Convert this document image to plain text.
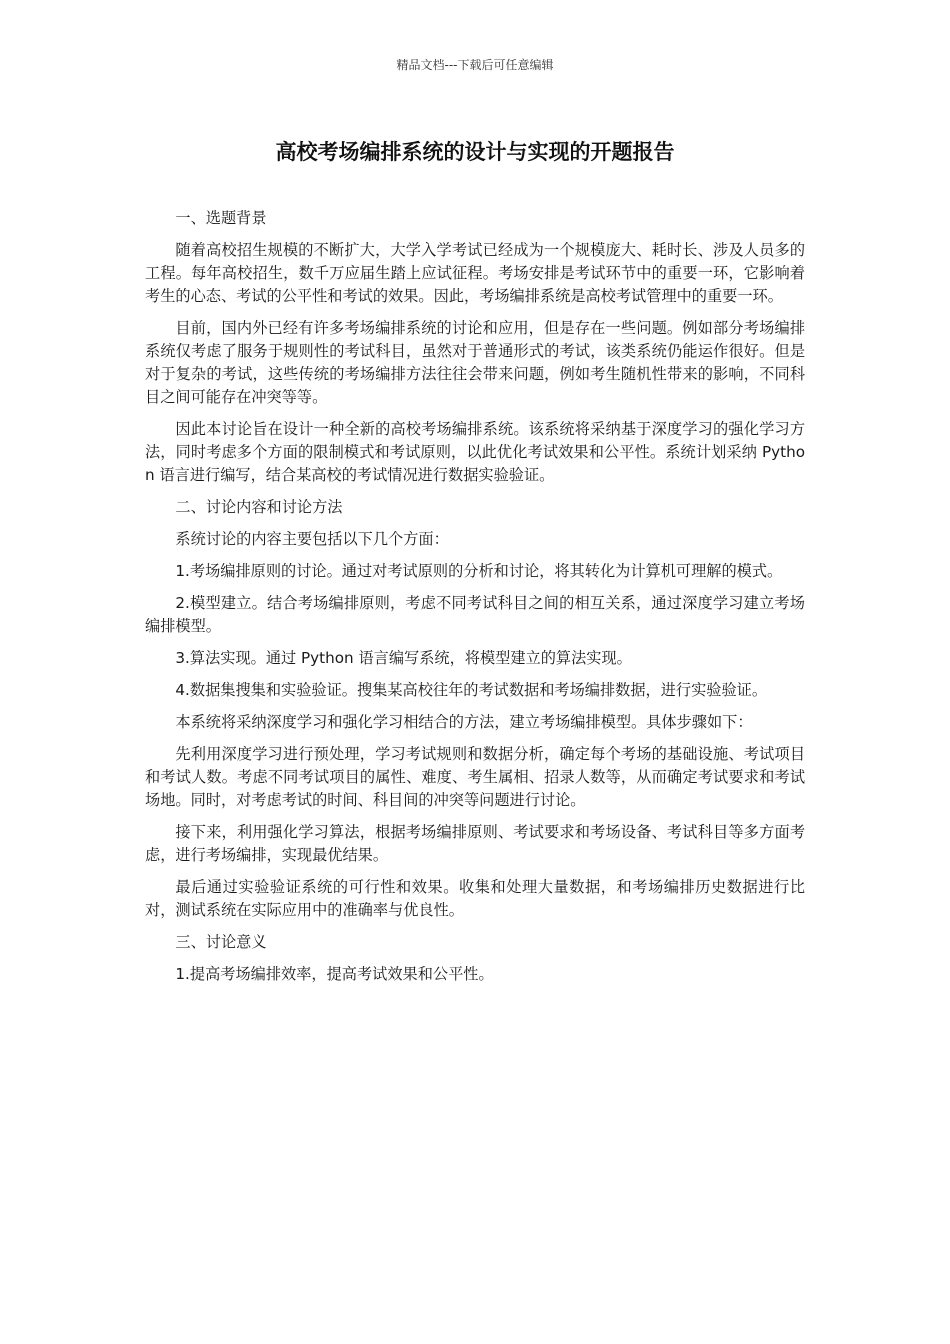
精品文档---下载后可任意编辑
高校考场编排系统的设计与实现的开题报告

一、选题背景

随着高校招生规模的不断扩大，大学入学考试已经成为一个规模庞大、耗时长、涉及人员多的工程。每年高校招生，数千万应届生踏上应试征程。考场安排是考试环节中的重要一环，它影响着考生的心态、考试的公平性和考试的效果。因此，考场编排系统是高校考试管理中的重要一环。

目前，国内外已经有许多考场编排系统的讨论和应用，但是存在一些问题。例如部分考场编排系统仅考虑了服务于规则性的考试科目，虽然对于普通形式的考试，该类系统仍能运作很好。但是对于复杂的考试，这些传统的考场编排方法往往会带来问题，例如考生随机性带来的影响，不同科目之间可能存在冲突等等。

因此本讨论旨在设计一种全新的高校考场编排系统。该系统将采纳基于深度学习的强化学习方法，同时考虑多个方面的限制模式和考试原则，以此优化考试效果和公平性。系统计划采纳 Python 语言进行编写，结合某高校的考试情况进行数据实验验证。

二、讨论内容和讨论方法

系统讨论的内容主要包括以下几个方面：

1.考场编排原则的讨论。通过对考试原则的分析和讨论，将其转化为计算机可理解的模式。

2.模型建立。结合考场编排原则，考虑不同考试科目之间的相互关系，通过深度学习建立考场编排模型。

3.算法实现。通过 Python 语言编写系统，将模型建立的算法实现。

4.数据集搜集和实验验证。搜集某高校往年的考试数据和考场编排数据，进行实验验证。

本系统将采纳深度学习和强化学习相结合的方法，建立考场编排模型。具体步骤如下：

先利用深度学习进行预处理，学习考试规则和数据分析，确定每个考场的基础设施、考试项目和考试人数。考虑不同考试项目的属性、难度、考生属相、招录人数等，从而确定考试要求和考试场地。同时，对考虑考试的时间、科目间的冲突等问题进行讨论。

接下来，利用强化学习算法，根据考场编排原则、考试要求和考场设备、考试科目等多方面考虑，进行考场编排，实现最优结果。

最后通过实验验证系统的可行性和效果。收集和处理大量数据，和考场编排历史数据进行比对，测试系统在实际应用中的准确率与优良性。

三、讨论意义

1.提高考场编排效率，提高考试效果和公平性。
